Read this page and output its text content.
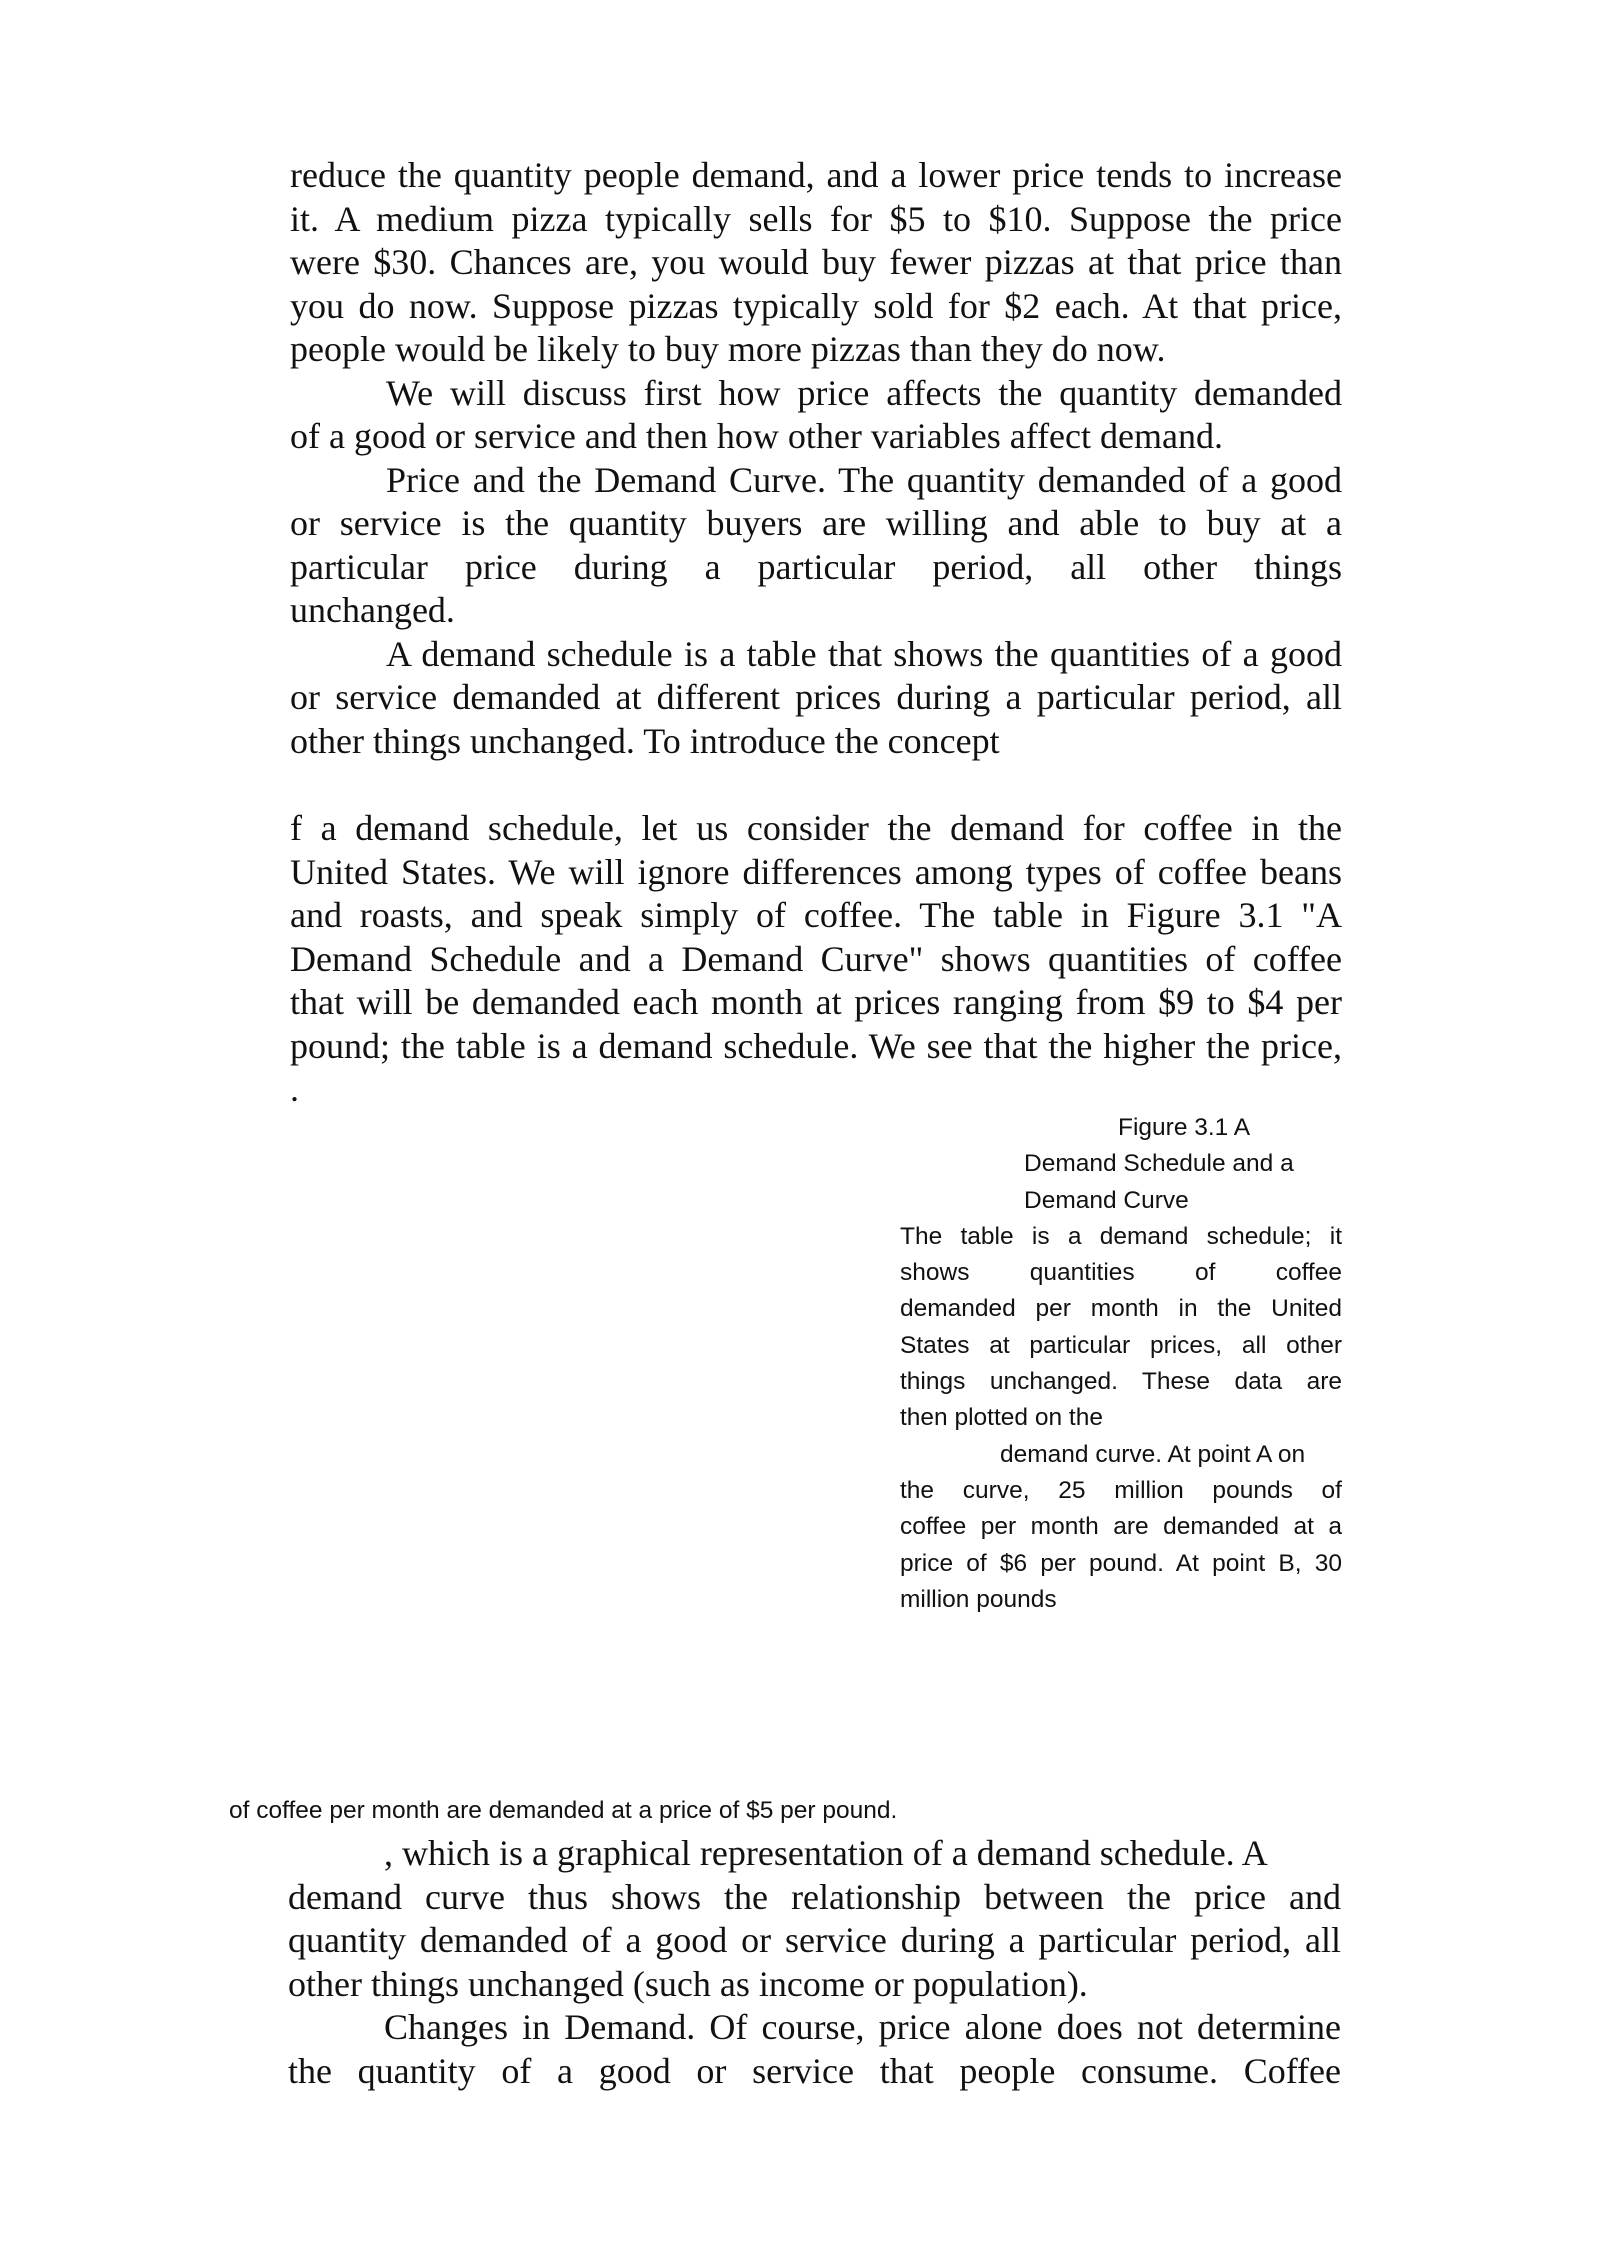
reduce the quantity people demand, and a lower price tends to increase
it. A medium pizza typically sells for $5 to $10. Suppose the price
were $30. Chances are, you would buy fewer pizzas at that price than
you do now. Suppose pizzas typically sold for $2 each. At that price,
people would be likely to buy more pizzas than they do now.
We will discuss first how price affects the quantity demanded
of a good or service and then how other variables affect demand.
Price and the Demand Curve. The quantity demanded of a good
or service is the quantity buyers are willing and able to buy at a
particular price during a particular period, all other things
unchanged.
A demand schedule is a table that shows the quantities of a good
or service demanded at different prices during a particular period, all
other things unchanged. To introduce the concept
f a demand schedule, let us consider the demand for coffee in the
United States. We will ignore differences among types of coffee beans
and roasts, and speak simply of coffee. The table in Figure 3.1 "A
Demand Schedule and a Demand Curve" shows quantities of coffee
that will be demanded each month at prices ranging from $9 to $4 per
pound; the table is a demand schedule. We see that the higher the price,
.
Figure 3.1 A
Demand Schedule and a
Demand Curve
The table is a demand schedule; it
shows quantities of coffee
demanded per month in the United
States at particular prices, all other
things unchanged. These data are
then plotted on the
demand curve. At point A on
the curve, 25 million pounds of
coffee per month are demanded at a
price of $6 per pound. At point B, 30
million pounds
of coffee per month are demanded at a price of $5 per pound.
, which is a graphical representation of a demand schedule. A
demand curve thus shows the relationship between the price and
quantity demanded of a good or service during a particular period, all
other things unchanged (such as income or population).
Changes in Demand. Of course, price alone does not determine
the quantity of a good or service that people consume. Coffee
